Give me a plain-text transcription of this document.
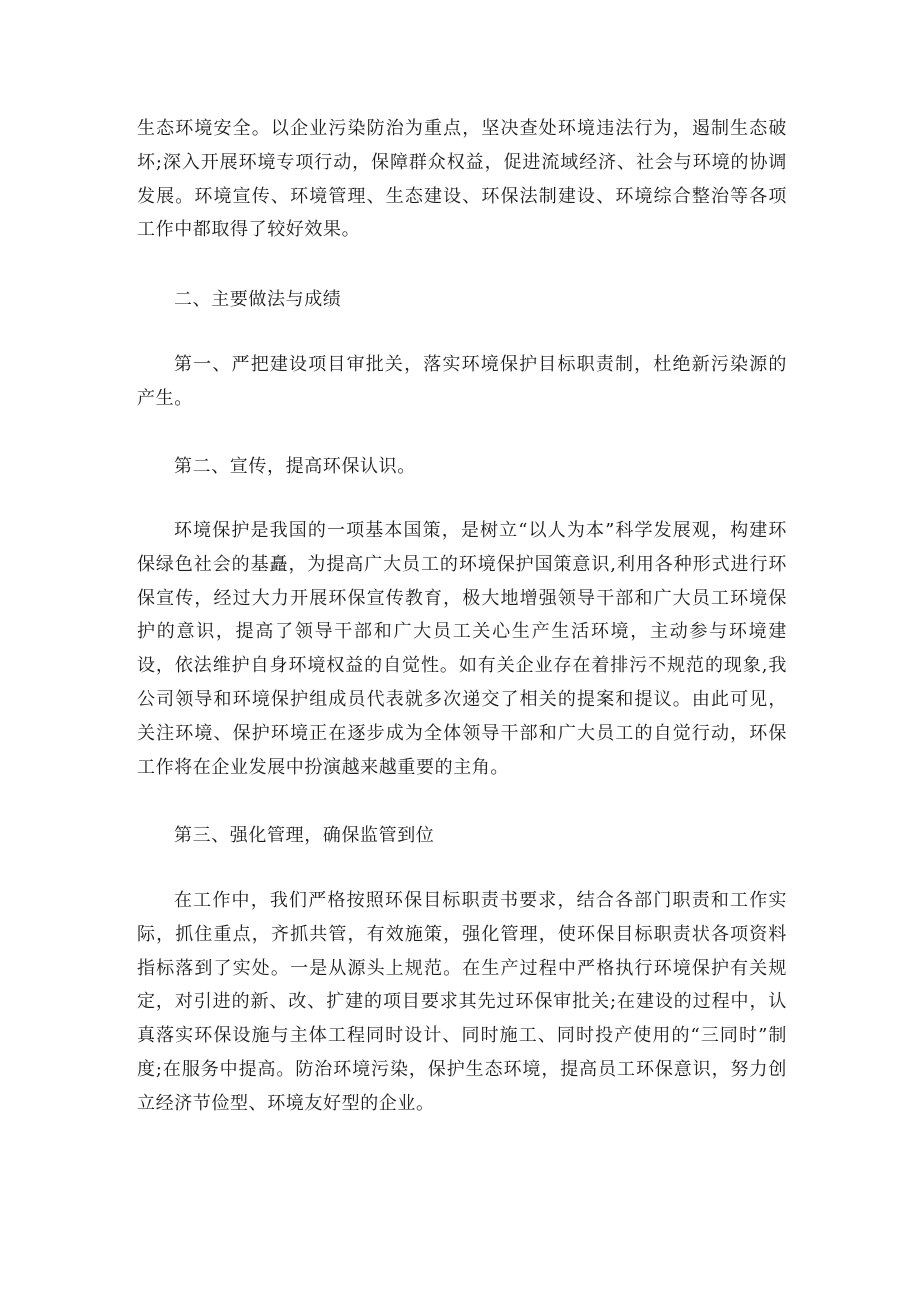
生态环境安全。以企业污染防治为重点，坚决查处环境违法行为，遏制生态破坏;深入开展环境专项行动，保障群众权益，促进流域经济、社会与环境的协调发展。环境宣传、环境管理、生态建设、环保法制建设、环境综合整治等各项工作中都取得了较好效果。

二、主要做法与成绩

第一、严把建设项目审批关，落实环境保护目标职责制，杜绝新污染源的产生。

第二、宣传，提高环保认识。

环境保护是我国的一项基本国策，是树立“以人为本”科学发展观，构建环保绿色社会的基矗，为提高广大员工的环境保护国策意识,利用各种形式进行环保宣传，经过大力开展环保宣传教育，极大地增强领导干部和广大员工环境保护的意识，提高了领导干部和广大员工关心生产生活环境，主动参与环境建设，依法维护自身环境权益的自觉性。如有关企业存在着排污不规范的现象,我公司领导和环境保护组成员代表就多次递交了相关的提案和提议。由此可见，关注环境、保护环境正在逐步成为全体领导干部和广大员工的自觉行动，环保工作将在企业发展中扮演越来越重要的主角。

第三、强化管理，确保监管到位

在工作中，我们严格按照环保目标职责书要求，结合各部门职责和工作实际，抓住重点，齐抓共管，有效施策，强化管理，使环保目标职责状各项资料指标落到了实处。一是从源头上规范。在生产过程中严格执行环境保护有关规定，对引进的新、改、扩建的项目要求其先过环保审批关;在建设的过程中，认真落实环保设施与主体工程同时设计、同时施工、同时投产使用的“三同时”制度;在服务中提高。防治环境污染，保护生态环境，提高员工环保意识，努力创立经济节俭型、环境友好型的企业。
